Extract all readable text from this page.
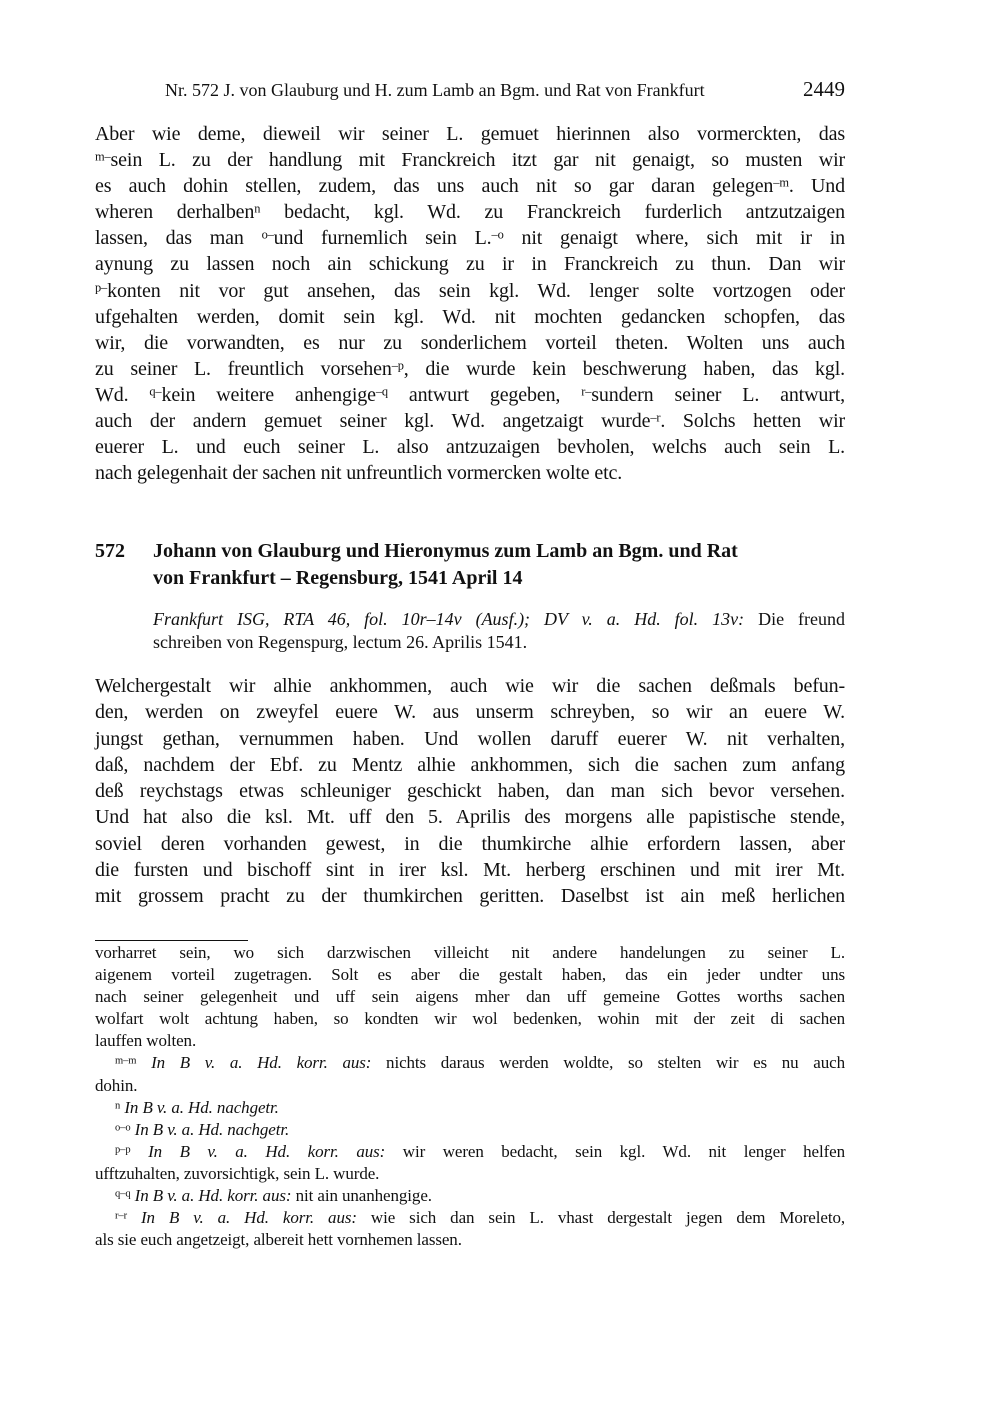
Nr. 572 J. von Glauburg und H. zum Lamb an Bgm. und Rat von Frankfurt	2449
Aber wie deme, dieweil wir seiner L. gemuet hierinnen also vormerckten, das
$^{m-}$sein L. zu der handlung mit Franckreich itzt gar nit genaigt, so musten wir
es auch dohin stellen, zudem, das uns auch nit so gar daran gelegen$^{-m}$. Und
wheren derhalben$^n$ bedacht, kgl. Wd. zu Franckreich furderlich antzutzaigen
lassen, das man $^{o-}$und furnemlich sein L.$^{-o}$ nit genaigt where, sich mit ir in
aynung zu lassen noch ain schickung zu ir in Franckreich zu thun. Dan wir
$^{p-}$konten nit vor gut ansehen, das sein kgl. Wd. lenger solte vortzogen oder
ufgehalten werden, domit sein kgl. Wd. nit mochten gedancken schopfen, das
wir, die vorwandten, es nur zu sonderlichem vorteil theten. Wolten uns auch
zu seiner L. freuntlich vorsehen$^{-p}$, die wurde kein beschwerung haben, das kgl.
Wd. $^{q-}$kein weitere anhengige$^{-q}$ antwurt gegeben, $^{r-}$sundern seiner L. antwurt,
auch der andern gemuet seiner kgl. Wd. angetzaigt wurde$^{-r}$. Solchs hetten wir
euerer L. und euch seiner L. also antzuzaigen bevholen, welchs auch sein L.
nach gelegenhait der sachen nit unfreuntlich vormercken wolte etc.
572 Johann von Glauburg und Hieronymus zum Lamb an Bgm. und Rat
von Frankfurt – Regensburg, 1541 April 14
Frankfurt ISG, RTA 46, fol. 10r–14v (Ausf.); DV v. a. Hd. fol. 13v: Die freund
schreiben von Regenspurg, lectum 26. Aprilis 1541.
Welchergestalt wir alhie ankhommen, auch wie wir die sachen deßmals befun-
den, werden on zweyfel euere W. aus unserm schreyben, so wir an euere W.
jungst gethan, vernummen haben. Und wollen daruff euerer W. nit verhalten,
daß, nachdem der Ebf. zu Mentz alhie ankhommen, sich die sachen zum anfang
deß reychstags etwas schleuniger geschickt haben, dan man sich bevor versehen.
Und hat also die ksl. Mt. uff den 5. Aprilis des morgens alle papistische stende,
soviel deren vorhanden gewest, in die thumkirche alhie erfordern lassen, aber
die fursten und bischoff sint in irer ksl. Mt. herberg erschinen und mit irer Mt.
mit grossem pracht zu der thumkirchen geritten. Daselbst ist ain meß herlichen
vorharret sein, wo sich darzwischen villeicht nit andere handelungen zu seiner L.
aigenem vorteil zugetragen. Solt es aber die gestalt haben, das ein jeder undter uns
nach seiner gelegenheit und uff sein aigens mher dan uff gemeine Gottes worths sachen
wolfart wolt achtung haben, so kondten wir wol bedenken, wohin mit der zeit di sachen
lauffen wolten.
$^{m-m}$ In B v. a. Hd. korr. aus: nichts daraus werden woldte, so stelten wir es nu auch
dohin.
$^n$ In B v. a. Hd. nachgetr.
$^{o-o}$ In B v. a. Hd. nachgetr.
$^{p-p}$ In B v. a. Hd. korr. aus: wir weren bedacht, sein kgl. Wd. nit lenger helfen
ufftzuhalten, zuvorsichtigk, sein L. wurde.
$^{q-q}$ In B v. a. Hd. korr. aus: nit ain unanhengige.
$^{r-r}$ In B v. a. Hd. korr. aus: wie sich dan sein L. vhast dergestalt jegen dem Moreleto,
als sie euch angetzeigt, albereit hett vornhemen lassen.
